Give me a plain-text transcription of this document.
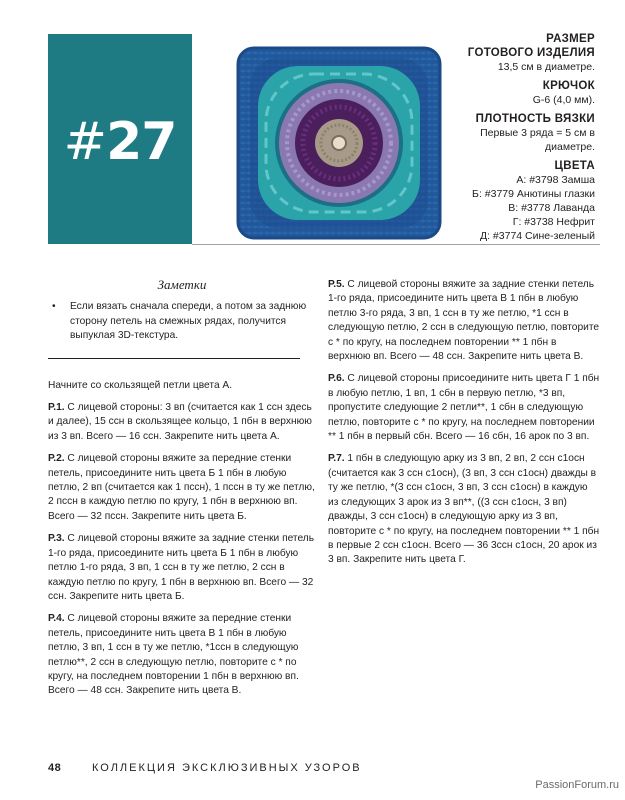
#27
РАЗМЕР
ГОТОВОГО ИЗДЕЛИЯ
13,5 см в диаметре.
КРЮЧОК
G-6 (4,0 мм).
ПЛОТНОСТЬ ВЯЗКИ
Первые 3 ряда = 5 см в
диаметре.
ЦВЕТА
А: #3798 Замша
Б: #3779 Анютины глазки
В: #3778 Лаванда
Г: #3738 Нефрит
Д: #3774 Сине-зеленый
Заметки
• Если вязать сначала спереди, а потом за заднюю сторону петель на смежных рядах, получится выпуклая 3D-текстура.
Начните со скользящей петли цвета А.
Р.1. С лицевой стороны: 3 вп (считается как 1 ссн здесь и далее), 15 ссн в скользящее кольцо, 1 пбн в верхнюю из 3 вп. Всего — 16 ссн. Закрепите нить цвета А.
Р.2. С лицевой стороны вяжите за передние стенки петель, присоедините нить цвета Б 1 пбн в любую петлю, 2 вп (считается как 1 пссн), 1 пссн в ту же петлю, 2 пссн в каждую петлю по кругу, 1 пбн в верхнюю вп. Всего — 32 пссн. Закрепите нить цвета Б.
Р.3. С лицевой стороны вяжите за задние стенки петель 1-го ряда, присоедините нить цвета Б 1 пбн в любую петлю 1-го ряда, 3 вп, 1 ссн в ту же петлю, 2 ссн в каждую петлю по кругу, 1 пбн в верхнюю вп. Всего — 32 ссн. Закрепите нить цвета Б.
Р.4. С лицевой стороны вяжите за передние стенки петель, присоедините нить цвета В 1 пбн в любую петлю, 3 вп, 1 ссн в ту же петлю, *1ссн в следующую петлю**, 2 ссн в следующую петлю, повторите с * по кругу, на последнем повторении 1 пбн в верхнюю вп. Всего — 48 ссн. Закрепите нить цвета В.
Р.5. С лицевой стороны вяжите за задние стенки петель 1-го ряда, присоедините нить цвета В 1 пбн в любую петлю 3-го ряда, 3 вп, 1 ссн в ту же петлю, *1 ссн в следующую петлю, 2 ссн в следующую петлю, повторите с * по кругу, на последнем повторении ** 1 пбн в верхнюю вп. Всего — 48 ссн. Закрепите нить цвета В.
Р.6. С лицевой стороны присоедините нить цвета Г 1 пбн в любую петлю, 1 вп, 1 сбн в первую петлю, *3 вп, пропустите следующие 2 петли**, 1 сбн в следующую петлю, повторите с * по кругу, на последнем повторении ** 1 пбн в первый сбн. Всего — 16 сбн, 16 арок по 3 вп.
Р.7. 1 пбн в следующую арку из 3 вп, 2 вп, 2 ссн с1осн (считается как 3 ссн с1осн), (3 вп, 3 ссн с1осн) дважды в ту же петлю, *(3 ссн с1осн, 3 вп, 3 ссн с1осн) в каждую из следующих 3 арок из 3 вп**, ((3 ссн с1осн, 3 вп) дважды, 3 ссн с1осн) в следующую арку из 3 вп, повторите с * по кругу, на последнем повторении ** 1 пбн в первые 2 ссн с1осн. Всего — 36 3ссн с1осн, 20 арок из 3 вп. Закрепите нить цвета Г.
48	КОЛЛЕКЦИЯ ЭКСКЛЮЗИВНЫХ УЗОРОВ
PassionForum.ru
